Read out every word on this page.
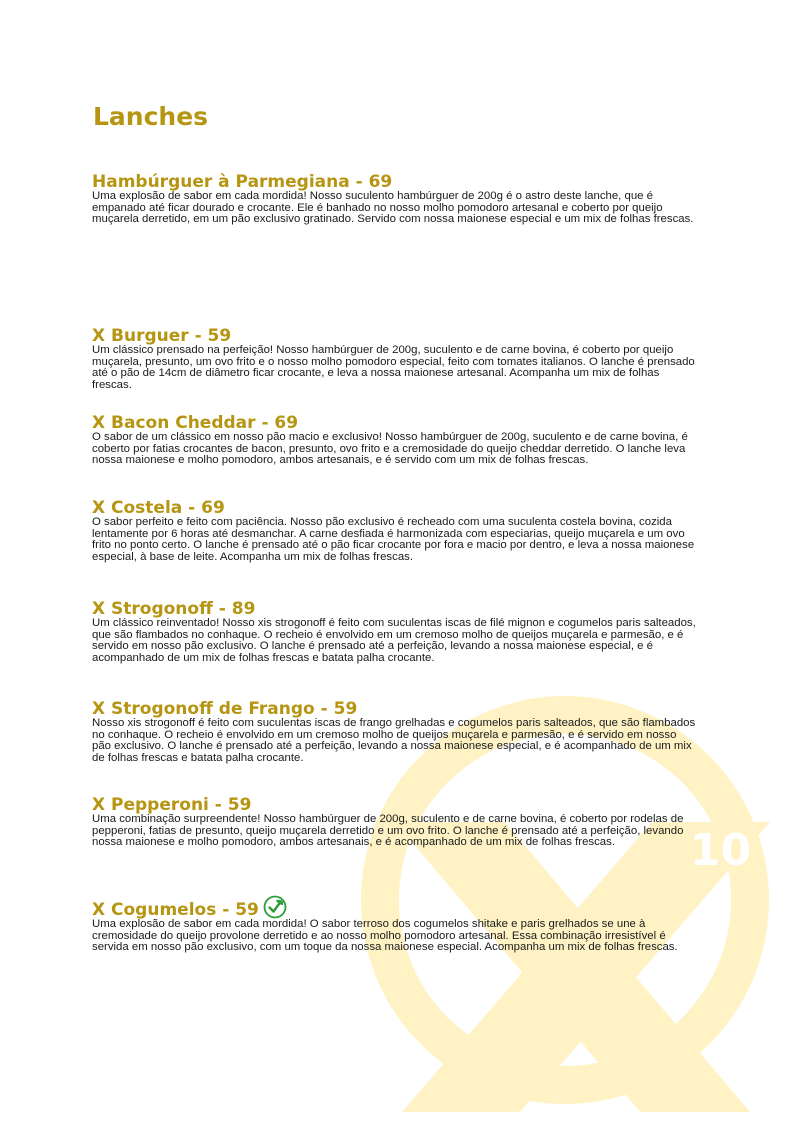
10
Lanches
Hambúrguer à Parmegiana - 69

Uma explosão de sabor em cada mordida! Nosso suculento hambúrguer de 200g é o astro deste lanche, que é empanado até ficar dourado e crocante. Ele é banhado no nosso molho pomodoro artesanal e coberto por queijo muçarela derretido, em um pão exclusivo gratinado. Servido com nossa maionese especial e um mix de folhas frescas.

X Burguer - 59

Um clássico prensado na perfeição! Nosso hambúrguer de 200g, suculento e de carne bovina, é coberto por queijo muçarela, presunto, um ovo frito e o nosso molho pomodoro especial, feito com tomates italianos. O lanche é prensado até o pão de 14cm de diâmetro ficar crocante, e leva a nossa maionese artesanal. Acompanha um mix de folhas frescas.

X Bacon Cheddar - 69

O sabor de um clássico em nosso pão macio e exclusivo! Nosso hambúrguer de 200g, suculento e de carne bovina, é coberto por fatias crocantes de bacon, presunto, ovo frito e a cremosidade do queijo cheddar derretido. O lanche leva nossa maionese e molho pomodoro, ambos artesanais, e é servido com um mix de folhas frescas.

X Costela - 69

O sabor perfeito e feito com paciência. Nosso pão exclusivo é recheado com uma suculenta costela bovina, cozida lentamente por 6 horas até desmanchar. A carne desfiada é harmonizada com especiarias, queijo muçarela e um ovo frito no ponto certo. O lanche é prensado até o pão ficar crocante por fora e macio por dentro, e leva a nossa maionese especial, à base de leite. Acompanha um mix de folhas frescas.

X Strogonoff - 89

Um clássico reinventado! Nosso xis strogonoff é feito com suculentas iscas de filé mignon e cogumelos paris salteados, que são flambados no conhaque. O recheio é envolvido em um cremoso molho de queijos muçarela e parmesão, e é servido em nosso pão exclusivo. O lanche é prensado até a perfeição, levando a nossa maionese especial, e é acompanhado de um mix de folhas frescas e batata palha crocante.

X Strogonoff de Frango - 59

Nosso xis strogonoff é feito com suculentas iscas de frango grelhadas e cogumelos paris salteados, que são flambados no conhaque. O recheio é envolvido em um cremoso molho de queijos muçarela e parmesão, e é servido em nosso pão exclusivo. O lanche é prensado até a perfeição, levando a nossa maionese especial, e é acompanhado de um mix de folhas frescas e batata palha crocante.

X Pepperoni - 59

Uma combinação surpreendente! Nosso hambúrguer de 200g, suculento e de carne bovina, é coberto por rodelas de pepperoni, fatias de presunto, queijo muçarela derretido e um ovo frito. O lanche é prensado até a perfeição, levando nossa maionese e molho pomodoro, ambos artesanais, e é acompanhado de um mix de folhas frescas.

X Cogumelos - 59

Uma explosão de sabor em cada mordida! O sabor terroso dos cogumelos shitake e paris grelhados se une à cremosidade do queijo provolone derretido e ao nosso molho pomodoro artesanal. Essa combinação irresistível é servida em nosso pão exclusivo, com um toque da nossa maionese especial. Acompanha um mix de folhas frescas.
